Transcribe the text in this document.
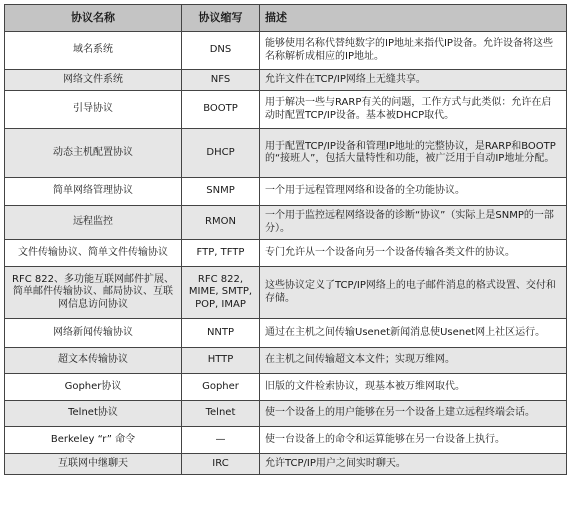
协议名称	协议缩写	描述
域名系统	DNS	能够使用名称代替纯数字的IP地址来指代IP设备。允许设备将这些名称解析成相应的IP地址。
网络文件系统	NFS	允许文件在TCP/IP网络上无缝共享。
引导协议	BOOTP	用于解决一些与RARP有关的问题，工作方式与此类似：允许在启动时配置TCP/IP设备。基本被DHCP取代。
动态主机配置协议	DHCP	用于配置TCP/IP设备和管理IP地址的完整协议，是RARP和BOOTP的“接班人”，包括大量特性和功能，被广泛用于自动IP地址分配。
简单网络管理协议	SNMP	一个用于远程管理网络和设备的全功能协议。
远程监控	RMON	一个用于监控远程网络设备的诊断“协议”（实际上是SNMP的一部分）。
文件传输协议、简单文件传输协议	FTP, TFTP	专门允许从一个设备向另一个设备传输各类文件的协议。
RFC 822、多功能互联网邮件扩展、简单邮件传输协议、邮局协议、互联网信息访问协议	RFC 822, MIME, SMTP, POP, IMAP	这些协议定义了TCP/IP网络上的电子邮件消息的格式设置、交付和存储。
网络新闻传输协议	NNTP	通过在主机之间传输Usenet新闻消息使Usenet网上社区运行。
超文本传输协议	HTTP	在主机之间传输超文本文件；实现万维网。
Gopher协议	Gopher	旧版的文件检索协议，现基本被万维网取代。
Telnet协议	Telnet	使一个设备上的用户能够在另一个设备上建立远程终端会话。
Berkeley “r” 命令	—	使一台设备上的命令和运算能够在另一台设备上执行。
互联网中继聊天	IRC	允许TCP/IP用户之间实时聊天。
